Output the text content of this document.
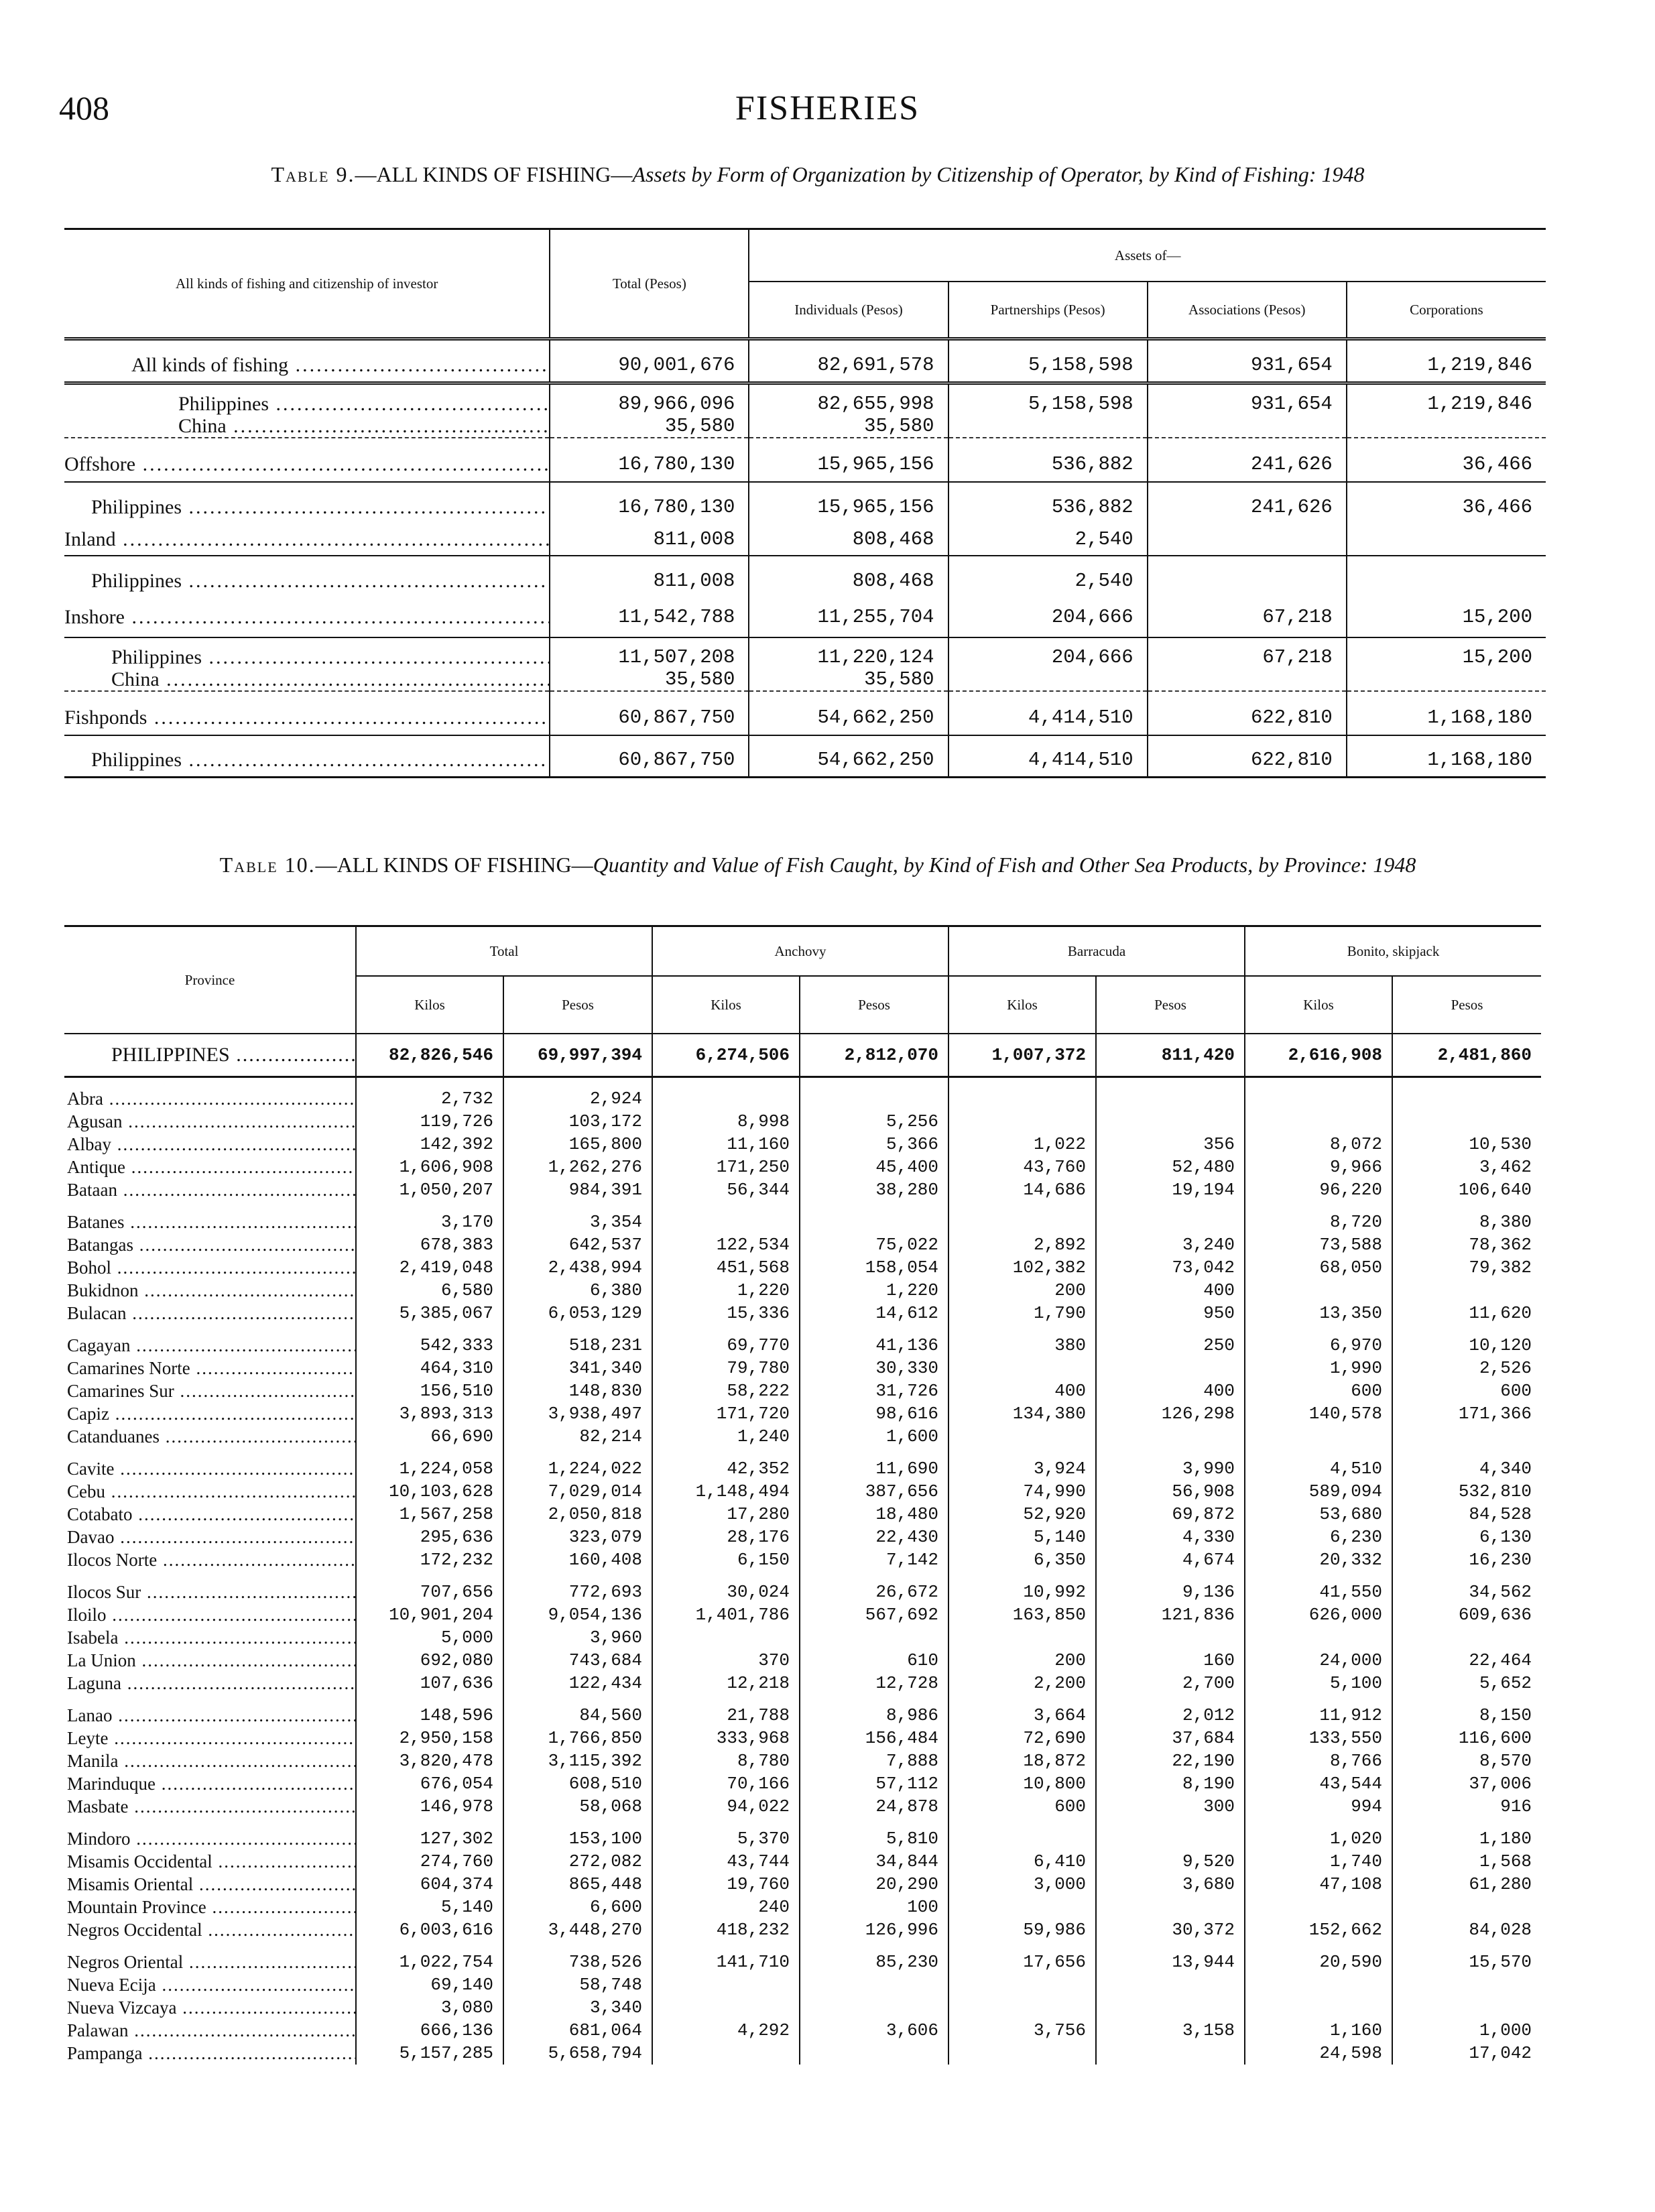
408	FISHERIES
Table 9.—ALL KINDS OF FISHING—Assets by Form of Organization by Citizenship of Operator, by Kind of Fishing: 1948
All kinds of fishing and citizenship of investor	Total (Pesos)	Assets of—			
		Individuals (Pesos)	Partnerships (Pesos)	Associations (Pesos)	Corporations
All kinds of fishing .....	90,001,676	82,691,578	5,158,598	931,654	1,219,846
Philippines .....	89,966,096	82,655,998	5,158,598	931,654	1,219,846
China .....	35,580	35,580			
Offshore .....	16,780,130	15,965,156	536,882	241,626	36,466
Philippines .....	16,780,130	15,965,156	536,882	241,626	36,466
Inland .....	811,008	808,468	2,540		
Philippines .....	811,008	808,468	2,540		
Inshore .....	11,542,788	11,255,704	204,666	67,218	15,200
Philippines .....	11,507,208	11,220,124	204,666	67,218	15,200
China .....	35,580	35,580			
Fishponds .....	60,867,750	54,662,250	4,414,510	622,810	1,168,180
Philippines .....	60,867,750	54,662,250	4,414,510	622,810	1,168,180
Table 10.—ALL KINDS OF FISHING—Quantity and Value of Fish Caught, by Kind of Fish and Other Sea Products, by Province: 1948
Province	Total		Anchovy		Barracuda		Bonito, skipjack	
	Kilos	Pesos	Kilos	Pesos	Kilos	Pesos	Kilos	Pesos
PHILIPPINES .....	82,826,546	69,997,394	6,274,506	2,812,070	1,007,372	811,420	2,616,908	2,481,860
Abra .....	2,732	2,924						
Agusan .....	119,726	103,172	8,998	5,256				
Albay .....	142,392	165,800	11,160	5,366	1,022	356	8,072	10,530
Antique .....	1,606,908	1,262,276	171,250	45,400	43,760	52,480	9,966	3,462
Bataan .....	1,050,207	984,391	56,344	38,280	14,686	19,194	96,220	106,640
Batanes .....	3,170	3,354					8,720	8,380
Batangas .....	678,383	642,537	122,534	75,022	2,892	3,240	73,588	78,362
Bohol .....	2,419,048	2,438,994	451,568	158,054	102,382	73,042	68,050	79,382
Bukidnon .....	6,580	6,380	1,220	1,220	200	400		
Bulacan .....	5,385,067	6,053,129	15,336	14,612	1,790	950	13,350	11,620
Cagayan .....	542,333	518,231	69,770	41,136	380	250	6,970	10,120
Camarines Norte .....	464,310	341,340	79,780	30,330			1,990	2,526
Camarines Sur .....	156,510	148,830	58,222	31,726	400	400	600	600
Capiz .....	3,893,313	3,938,497	171,720	98,616	134,380	126,298	140,578	171,366
Catanduanes .....	66,690	82,214	1,240	1,600				
Cavite .....	1,224,058	1,224,022	42,352	11,690	3,924	3,990	4,510	4,340
Cebu .....	10,103,628	7,029,014	1,148,494	387,656	74,990	56,908	589,094	532,810
Cotabato .....	1,567,258	2,050,818	17,280	18,480	52,920	69,872	53,680	84,528
Davao .....	295,636	323,079	28,176	22,430	5,140	4,330	6,230	6,130
Ilocos Norte .....	172,232	160,408	6,150	7,142	6,350	4,674	20,332	16,230
Ilocos Sur .....	707,656	772,693	30,024	26,672	10,992	9,136	41,550	34,562
Iloilo .....	10,901,204	9,054,136	1,401,786	567,692	163,850	121,836	626,000	609,636
Isabela .....	5,000	3,960						
La Union .....	692,080	743,684	370	610	200	160	24,000	22,464
Laguna .....	107,636	122,434	12,218	12,728	2,200	2,700	5,100	5,652
Lanao .....	148,596	84,560	21,788	8,986	3,664	2,012	11,912	8,150
Leyte .....	2,950,158	1,766,850	333,968	156,484	72,690	37,684	133,550	116,600
Manila .....	3,820,478	3,115,392	8,780	7,888	18,872	22,190	8,766	8,570
Marinduque .....	676,054	608,510	70,166	57,112	10,800	8,190	43,544	37,006
Masbate .....	146,978	58,068	94,022	24,878	600	300	994	916
Mindoro .....	127,302	153,100	5,370	5,810			1,020	1,180
Misamis Occidental .....	274,760	272,082	43,744	34,844	6,410	9,520	1,740	1,568
Misamis Oriental .....	604,374	865,448	19,760	20,290	3,000	3,680	47,108	61,280
Mountain Province .....	5,140	6,600	240	100				
Negros Occidental .....	6,003,616	3,448,270	418,232	126,996	59,986	30,372	152,662	84,028
Negros Oriental .....	1,022,754	738,526	141,710	85,230	17,656	13,944	20,590	15,570
Nueva Ecija .....	69,140	58,748						
Nueva Vizcaya .....	3,080	3,340						
Palawan .....	666,136	681,064	4,292	3,606	3,756	3,158	1,160	1,000
Pampanga .....	5,157,285	5,658,794					24,598	17,042
